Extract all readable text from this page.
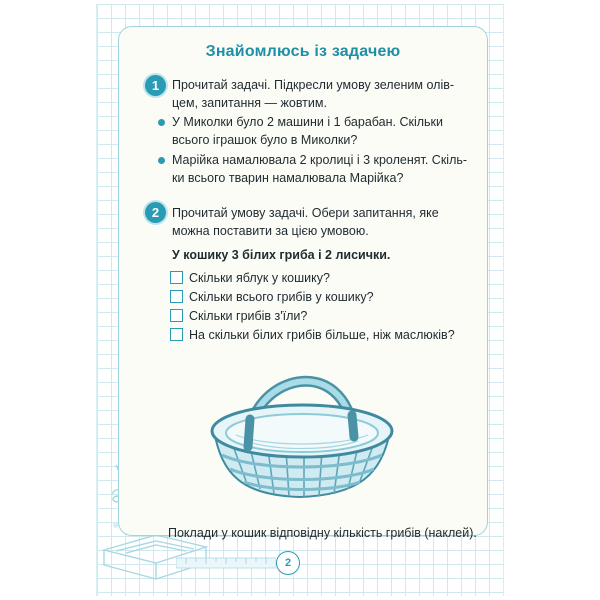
Знайомлюсь із задачею
1	Прочитай задачі. Підкресли умову зеленим олів-
цем, запитання — жовтим.
У Миколки було 2 машини і 1 барабан. Скільки
всього іграшок було в Миколки?
Марійка намалювала 2 кролиці і 3 кроленят. Скіль-
ки всього тварин намалювала Марійка?
2	Прочитай умову задачі. Обери запитання, яке
можна поставити за цією умовою.
У кошику 3 білих гриба і 2 лисички.
Скільки яблук у кошику?
Скільки всього грибів у кошику?
Скільки грибів з'їли?
На скільки білих грибів більше, ніж маслюків?
Поклади у кошик відповідну кількість грибів (наклей).
2
